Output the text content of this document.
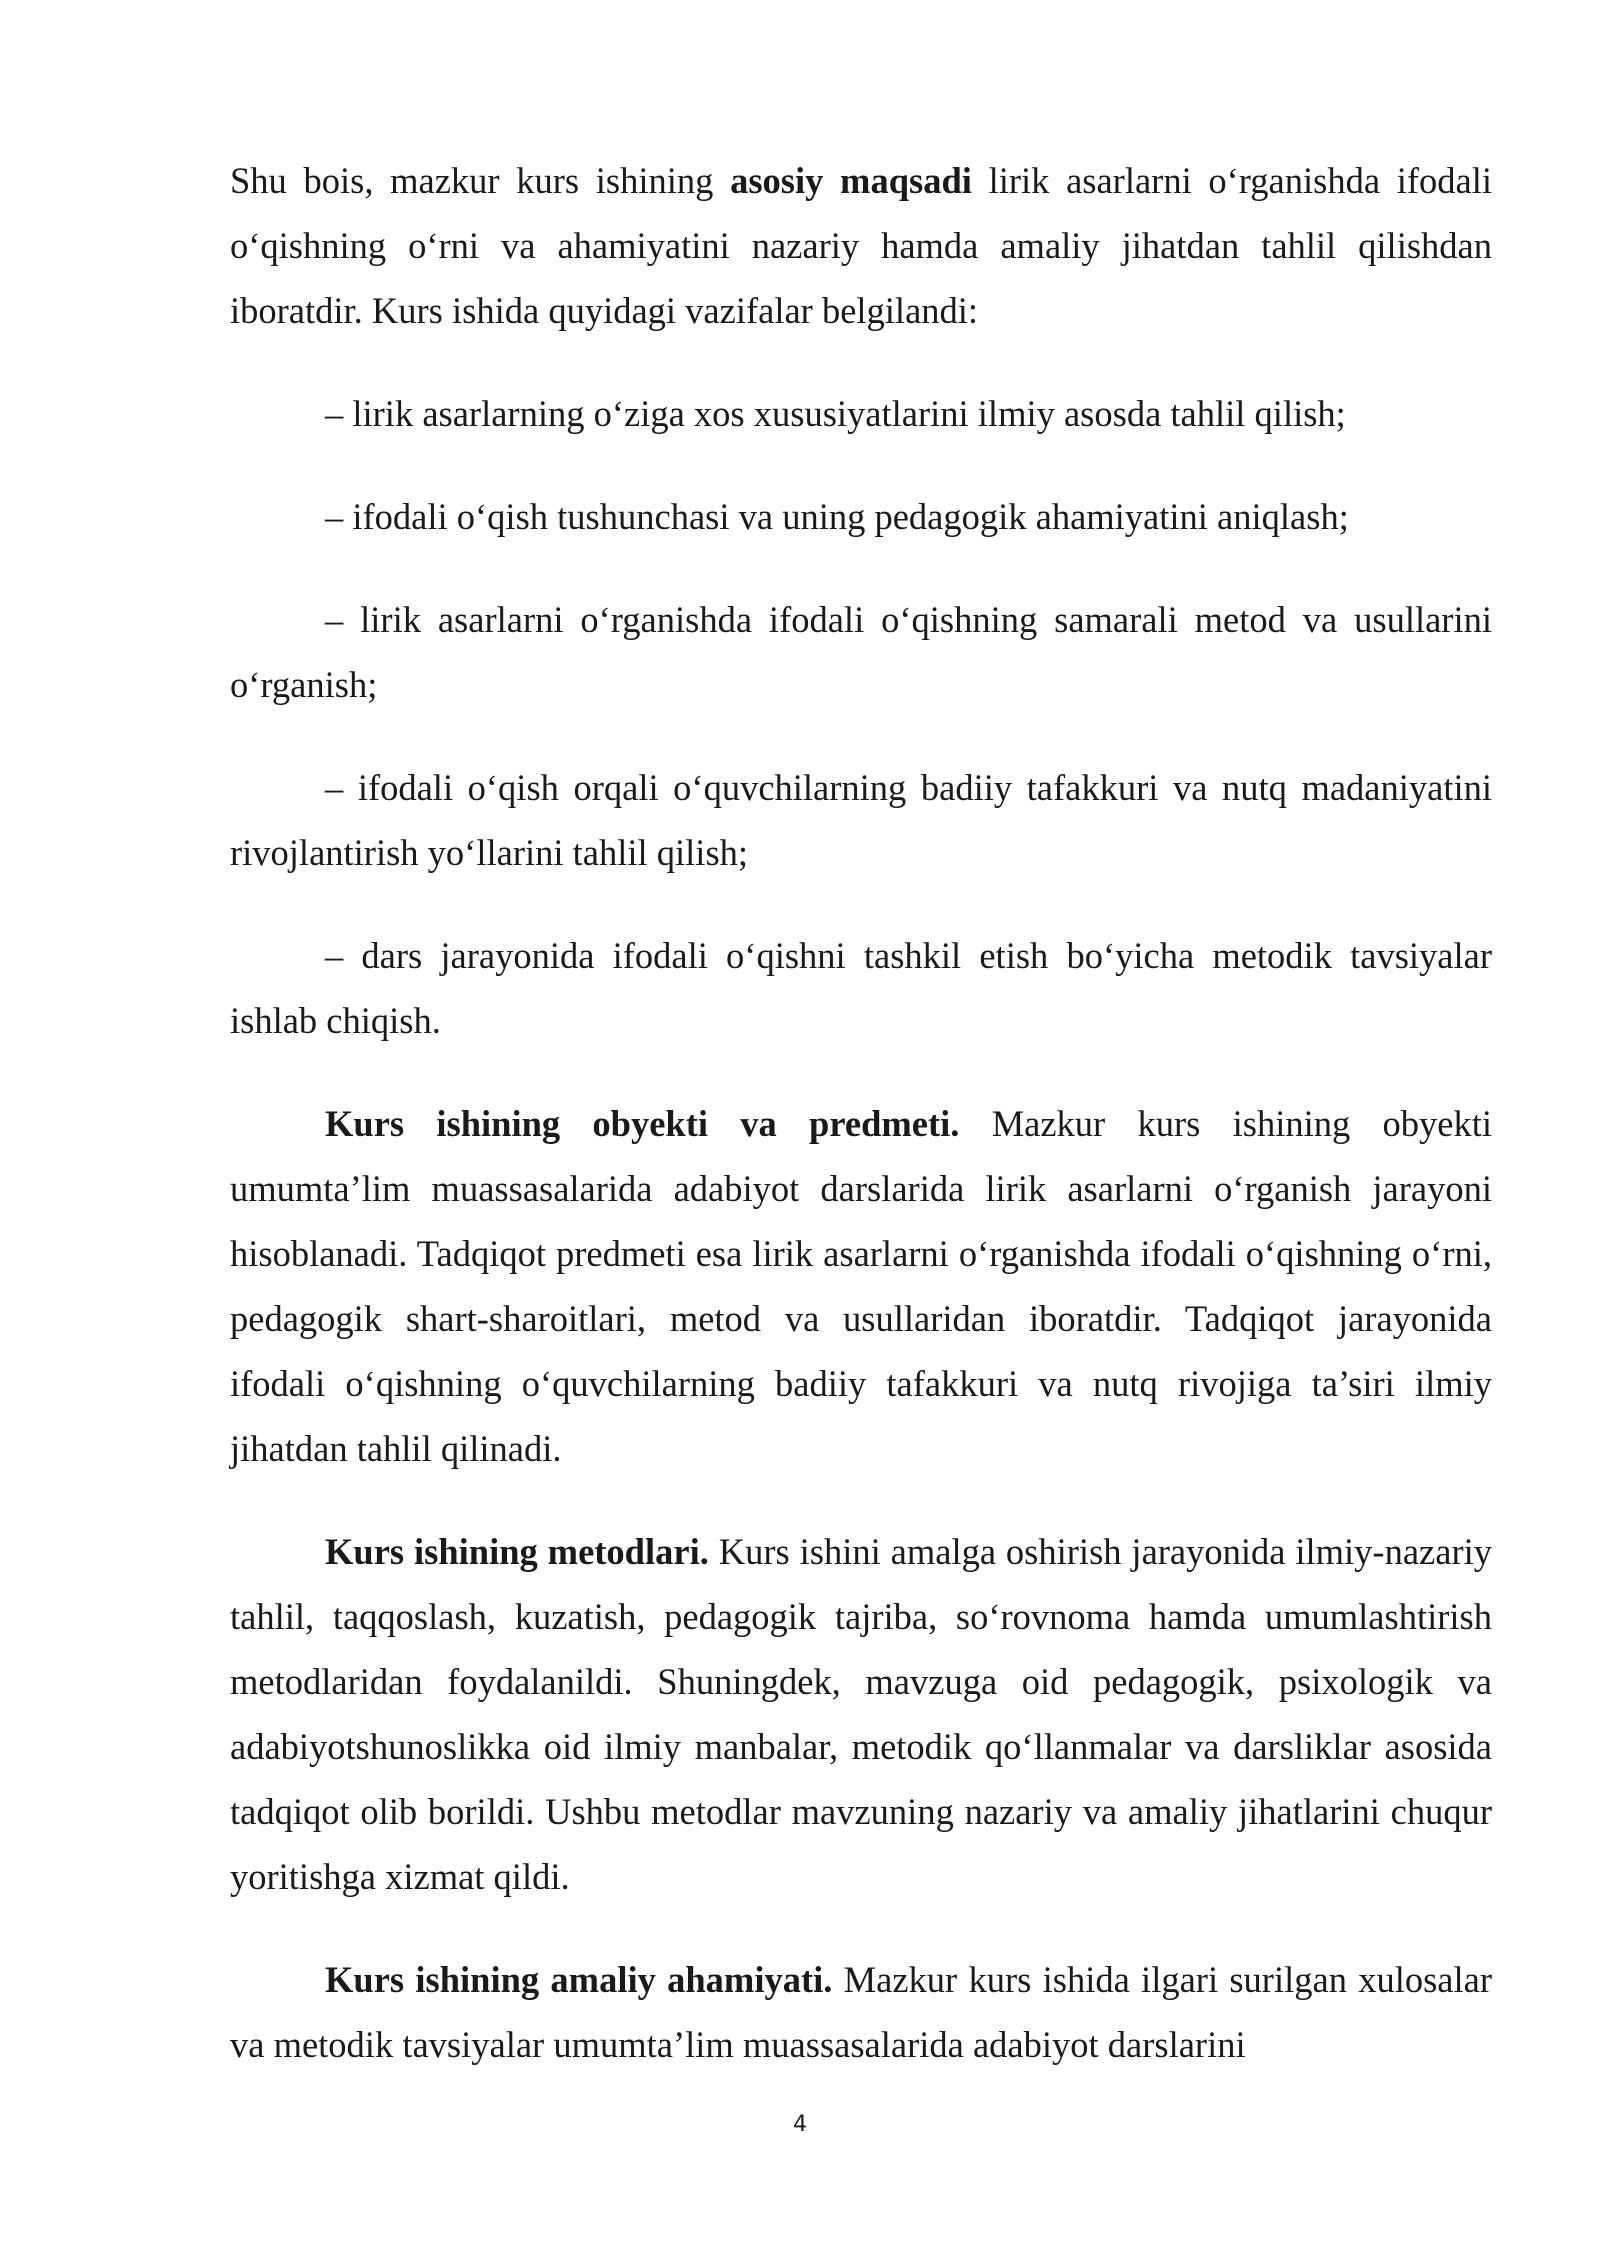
Shu bois, mazkur kurs ishining asosiy maqsadi lirik asarlarni o‘rganishda ifodali o‘qishning o‘rni va ahamiyatini nazariy hamda amaliy jihatdan tahlil qilishdan iboratdir. Kurs ishida quyidagi vazifalar belgilandi:

– lirik asarlarning o‘ziga xos xususiyatlarini ilmiy asosda tahlil qilish;

– ifodali o‘qish tushunchasi va uning pedagogik ahamiyatini aniqlash;

– lirik asarlarni o‘rganishda ifodali o‘qishning samarali metod va usullarini o‘rganish;

– ifodali o‘qish orqali o‘quvchilarning badiiy tafakkuri va nutq madaniyatini rivojlantirish yo‘llarini tahlil qilish;

– dars jarayonida ifodali o‘qishni tashkil etish bo‘yicha metodik tavsiyalar ishlab chiqish.

Kurs ishining obyekti va predmeti. Mazkur kurs ishining obyekti umumta’lim muassasalarida adabiyot darslarida lirik asarlarni o‘rganish jarayoni hisoblanadi. Tadqiqot predmeti esa lirik asarlarni o‘rganishda ifodali o‘qishning o‘rni, pedagogik shart-sharoitlari, metod va usullaridan iboratdir. Tadqiqot jarayonida ifodali o‘qishning o‘quvchilarning badiiy tafakkuri va nutq rivojiga ta’siri ilmiy jihatdan tahlil qilinadi.

Kurs ishining metodlari. Kurs ishini amalga oshirish jarayonida ilmiy-nazariy tahlil, taqqoslash, kuzatish, pedagogik tajriba, so‘rovnoma hamda umumlashtirish metodlaridan foydalanildi. Shuningdek, mavzuga oid pedagogik, psixologik va adabiyotshunoslikka oid ilmiy manbalar, metodik qo‘llanmalar va darsliklar asosida tadqiqot olib borildi. Ushbu metodlar mavzuning nazariy va amaliy jihatlarini chuqur yoritishga xizmat qildi.

Kurs ishining amaliy ahamiyati. Mazkur kurs ishida ilgari surilgan xulosalar va metodik tavsiyalar umumta’lim muassasalarida adabiyot darslarini

4
